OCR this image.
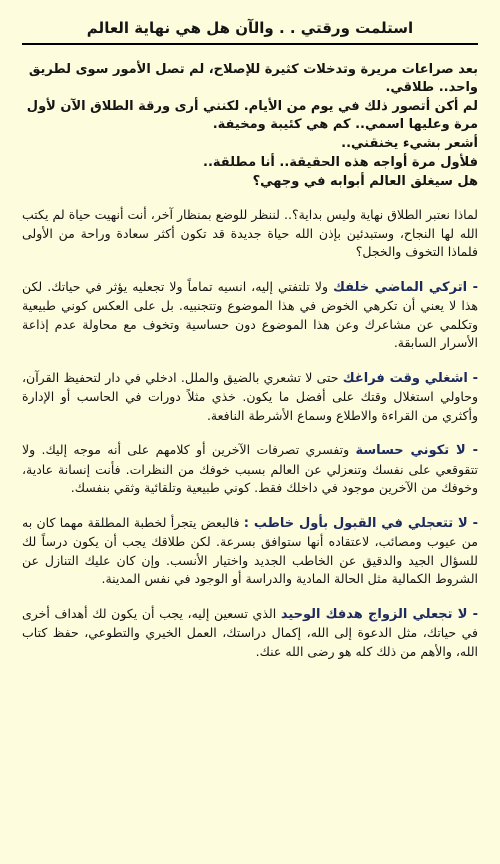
استلمت ورقتي . . والآن هل هي نهاية العالم

بعد صراعات مريرة وتدخلات كثيرة للإصلاح، لم تصل الأمور سوى لطريق واحد.. طلاقي.

لم أكن أتصور ذلك في يوم من الأيام. لكنني أرى ورقة الطلاق الآن لأول مرة وعليها اسمي.. كم هي كئيبة ومخيفة.

أشعر بشيء يخنقني..

فلأول مرة أواجه هذه الحقيقة.. أنا مطلقة..

هل سيغلق العالم أبوابه في وجهي؟

لماذا نعتبر الطلاق نهاية وليس بداية؟.. لننظر للوضع بمنظار آخر، أنت أنهيت حياة لم يكتب الله لها النجاح، وستبدئين بإذن الله حياة جديدة قد تكون أكثر سعادة وراحة من الأولى فلماذا التخوف والخجل؟

- اتركي الماضي خلفك ولا تلتفتي إليه، انسيه تماماً ولا تجعليه يؤثر في حياتك. لكن هذا لا يعني أن تكرهي الخوض في هذا الموضوع وتتجنبيه. بل على العكس كوني طبيعية وتكلمي عن مشاعرك وعن هذا الموضوع دون حساسية وتخوف مع محاولة عدم إذاعة الأسرار السابقة.

- اشغلي وقت فراغك حتى لا تشعري بالضيق والملل. ادخلي في دار لتحفيظ القرآن، وحاولي استغلال وقتك على أفضل ما يكون. خذي مثلاً دورات في الحاسب أو الإدارة وأكثري من القراءة والاطلاع وسماع الأشرطة النافعة.

- لا تكوني حساسة وتفسري تصرفات الآخرين أو كلامهم على أنه موجه إليك. ولا تتقوقعي على نفسك وتنعزلي عن العالم بسبب خوفك من النظرات. فأنت إنسانة عادية، وخوفك من الآخرين موجود في داخلك فقط. كوني طبيعية وتلقائية وثقي بنفسك.

- لا تتعجلي في القبول بأول خاطب : فالبعض يتجرأ لخطبة المطلقة مهما كان به من عيوب ومصائب، لاعتقاده أنها ستوافق بسرعة. لكن طلاقك يجب أن يكون درساً لك للسؤال الجيد والدقيق عن الخاطب الجديد واختيار الأنسب. وإن كان عليك التنازل عن الشروط الكمالية مثل الحالة المادية والدراسة أو الوجود في نفس المدينة.

- لا تجعلي الزواج هدفك الوحيد الذي تسعين إليه، يجب أن يكون لك أهداف أخرى في حياتك، مثل الدعوة إلى الله، إكمال دراستك، العمل الخيري والتطوعي، حفظ كتاب الله، والأهم من ذلك كله هو رضى الله عنك.
